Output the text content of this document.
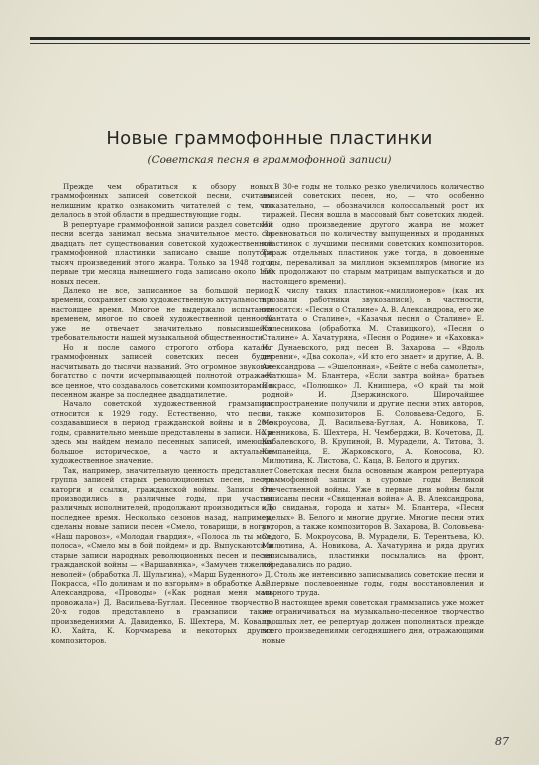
Новые граммофонные пластинки
(Советская песня в граммофонной записи)

Прежде чем обратиться к обзору новых граммофонных записей советской песни, считаем нелишним кратко ознакомить читателей с тем, что делалось в этой области в предшествующие годы.

В репертуаре граммофонной записи раздел советской песни всегда занимал весьма значительное место. За двадцать лет существования советской художественной граммофонной пластинки записано свыше полутора тысяч произведений этого жанра. Только за 1948 год и первые три месяца нынешнего года записано около 150 новых песен.

Далеко не все, записанное за большой период времени, сохраняет свою художественную актуальность в настоящее время. Многое не выдержало испытания временем, многое по своей художественной ценности уже не отвечает значительно повысившейся требовательности нашей музыкальной общественности.

Но и после самого строгого отбора каталог граммофонных записей советских песен будет насчитывать до тысячи названий. Это огромное звуковое богатство с почти исчерпывающей полнотой отражает все ценное, что создавалось советскими композиторами в песенном жанре за последнее двадцатилетие.

Начало советской художественной грамзаписи относится к 1929 году. Естественно, что песни, создававшиеся в период гражданской войны и в 20-е годы, сравнительно меньше представлены в записи. Но и здесь мы найдем немало песенных записей, имеющих большое историческое, а часто и актуальное художественное значение.

Так, например, значительную ценность представляет группа записей старых революционных песен, песен каторги и ссылки, гражданской войны. Записи эти производились в различные годы, при участии различных исполнителей, продолжают производиться и в последнее время. Несколько сезонов назад, например, сделаны новые записи песен «Смело, товарищи, в ногу», «Наш паровоз», «Молодая гвардия», «Полоса ль ты моя, полоса», «Смело мы в бой пойдем» и др. Выпускаются и старые записи народных революционных песен и песен гражданской войны — «Варшавянка», «Замучен тяжелой неволей» (обработка Л. Шульгина), «Марш Буденного» Д. Покрасса, «По долинам и по взгорьям» в обработке А. В. Александрова, «Проводы» («Как родная меня мать провожала») Д. Васильева-Буглая. Песенное творчество 20-х годов представлено в грамзаписи также произведениями А. Давиденко, Б. Шехтера, М. Коваля, Ю. Хайта, К. Корчмарева и некоторых других композиторов.

В 30-е годы не только резко увеличилось количество записей советских песен, но, — что особенно показательно, — обозначился колоссальный рост их тиражей. Песня вошла в массовый быт советских людей. Ни одно произведение другого жанра не может соревноваться по количеству выпущенных и проданных пластинок с лучшими песнями советских композиторов. Тираж отдельных пластинок уже тогда, в довоенные годы, переваливал за миллион экземпляров (многие из них продолжают по старым матрицам выпускаться и до настоящего времени).

К числу таких пластинок-«миллионеров» (как их прозвали работники звукозаписи), в частности, относятся: «Песня о Сталине» А. В. Александрова, его же «Кантата о Сталине», «Казачья песня о Сталине» Е. Колесникова (обработка М. Ставицкого), «Песня о Сталине» А. Хачатуряна, «Песня о Родине» и «Каховка» И. Дунаевского, ряд песен В. Захарова — «Вдоль деревни», «Два сокола», «И кто его знает» и другие, А. В. Александрова — «Эшелонная», «Бейте с неба самолеты», «Катюша» М. Блантера, «Если завтра война» братьев Покрасс, «Полюшко» Л. Книппера, «О край ты мой родной» И. Дзержинского. Широчайшее распространение получили и другие песни этих авторов, а также композиторов Б. Соловьева-Седого, Б. Мокроусова, Д. Васильева-Буглая, А. Новикова, Т. Хренникова, Б. Шехтера, Н. Чемберджи, В. Кочетова, Д. Кабалевского, В. Крупиной, В. Мурадели, А. Титова, З. Компанейца, Е. Жарковского, А. Коносова, Ю. Милютина, К. Листова, С. Каца, В. Белого и других.

Советская песня была основным жанром репертуара граммофонной записи в суровые годы Великой Отечественной войны. Уже в первые дни войны были записаны песни «Священная война» А. В. Александрова, «До свиданья, города и хаты» М. Блантера, «Песня смелых» В. Белого и многие другие. Многие песни этих авторов, а также композиторов В. Захарова, В. Соловьева-Седого, Б. Мокроусова, В. Мурадели, Б. Терентьева, Ю. Милютина, А. Новикова, А. Хачатуряна и ряда других записывались, пластинки посылались на фронт, передавались по радио.

Столь же интенсивно записывались советские песни и в первые послевоенные годы, годы восстановления и мирного труда.

В настоящее время советская граммзапись уже может не ограничиваться на музыкально-песенное творчество прошлых лет, ее репертуар должен пополняться прежде всего произведениями сегодняшнего дня, отражающими новые

87
